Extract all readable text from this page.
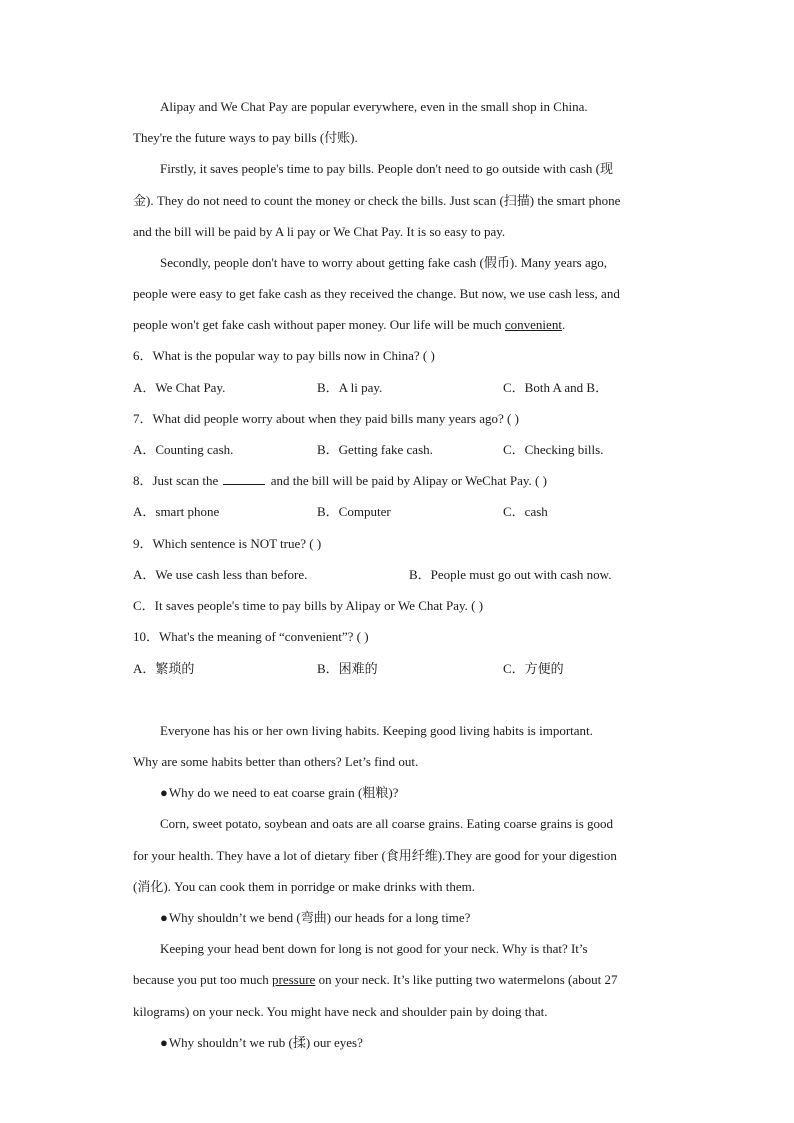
Alipay and We Chat Pay are popular everywhere, even in the small shop in China.
They're the future ways to pay bills (付账).
Firstly, it saves people's time to pay bills. People don't need to go outside with cash (现
金). They do not need to count the money or check the bills. Just scan (扫描) the smart phone
and the bill will be paid by A li pay or We Chat Pay. It is so easy to pay.
Secondly, people don't have to worry about getting fake cash (假币). Many years ago,
people were easy to get fake cash as they received the change. But now, we use cash less, and
people won't get fake cash without paper money. Our life will be much convenient.
6．What is the popular way to pay bills now in China? ( )
A．We Chat Pay.	B．A li pay.	C．Both A and B．
7．What did people worry about when they paid bills many years ago? ( )
A．Counting cash.	B．Getting fake cash.	C．Checking bills.
8．Just scan the	and the bill will be paid by Alipay or WeChat Pay. ( )
A．smart phone	B．Computer	C．cash
9．Which sentence is NOT true? ( )
A．We use cash less than before.	B．People must go out with cash now.
C．It saves people's time to pay bills by Alipay or We Chat Pay. ( )
10．What's the meaning of “convenient”? ( )
A．繁琐的	B．困难的	C．方便的
Everyone has his or her own living habits. Keeping good living habits is important.
Why are some habits better than others? Let’s find out.
●Why do we need to eat coarse grain (粗粮)?
Corn, sweet potato, soybean and oats are all coarse grains. Eating coarse grains is good
for your health. They have a lot of dietary fiber (食用纤维).They are good for your digestion
(消化). You can cook them in porridge or make drinks with them.
●Why shouldn’t we bend (弯曲) our heads for a long time?
Keeping your head bent down for long is not good for your neck. Why is that? It’s
because you put too much pressure on your neck. It’s like putting two watermelons (about 27
kilograms) on your neck. You might have neck and shoulder pain by doing that.
●Why shouldn’t we rub (揉) our eyes?
